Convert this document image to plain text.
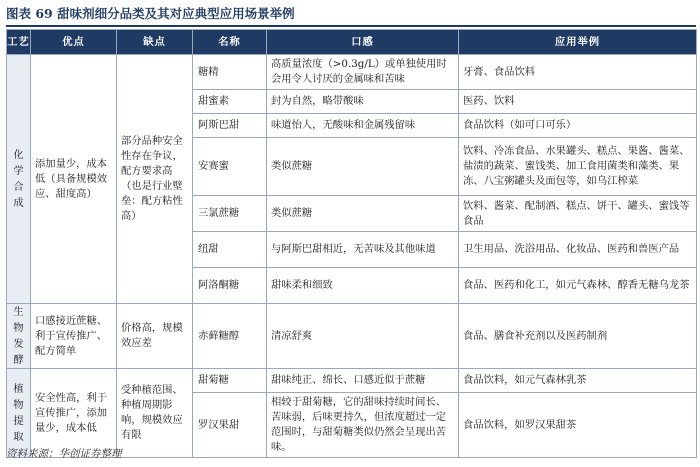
图表 69 甜味剂细分品类及其对应典型应用场景举例
工艺	优点	缺点	名称	口感	应用举例

化学合成	添加量少，成本低（具备规模效应、甜度高）	部分品种安全性存在争议，配方要求高（也是行业壁垒：配方粘性高）	糖精	高质量浓度（>0.3g/L）或单独使用时会用令人讨厌的金属味和苦味	牙膏、食品饮料
			甜蜜素	封为自然，略带酸味	医药、饮料
			阿斯巴甜	味道怡人，无酸味和金属残留味	食品饮料（如可口可乐）
			安赛蜜	类似蔗糖	饮料、冷冻食品、水果罐头、糕点、果酱、酱菜、盐渍的蔬菜、蜜饯类、加工食用菌类和藻类、果冻、八宝粥罐头及面包等，如乌江榨菜
			三氯蔗糖	类似蔗糖	饮料、酱菜、配制酒、糕点、饼干、罐头、蜜饯等食品
			纽甜	与阿斯巴甜相近，无苦味及其他味道	卫生用品、洗浴用品、化妆品、医药和兽医产品
			阿洛酮糖	甜味柔和细致	食品、医药和化工，如元气森林、醇香无糖乌龙茶

生物发酵	口感接近蔗糖、利于宣传推广、配方简单	价格高，规模效应差	赤藓糖醇	清凉舒爽	食品、膳食补充剂以及医药制剂

植物提取	安全性高，利于宣传推广，添加量少，成本低	受种植范围、种植周期影响，规模效应有限	甜菊糖	甜味纯正、绵长、口感近似于蔗糖	食品饮料，如元气森林乳茶
			罗汉果甜	相较于甜菊糖，它的甜味持续时间长、苦味弱，后味更持久，但浓度超过一定范围时，与甜菊糖类似仍然会呈现出苦味。	食品饮料，如罗汉果甜茶
资料来源：华创证券整理
